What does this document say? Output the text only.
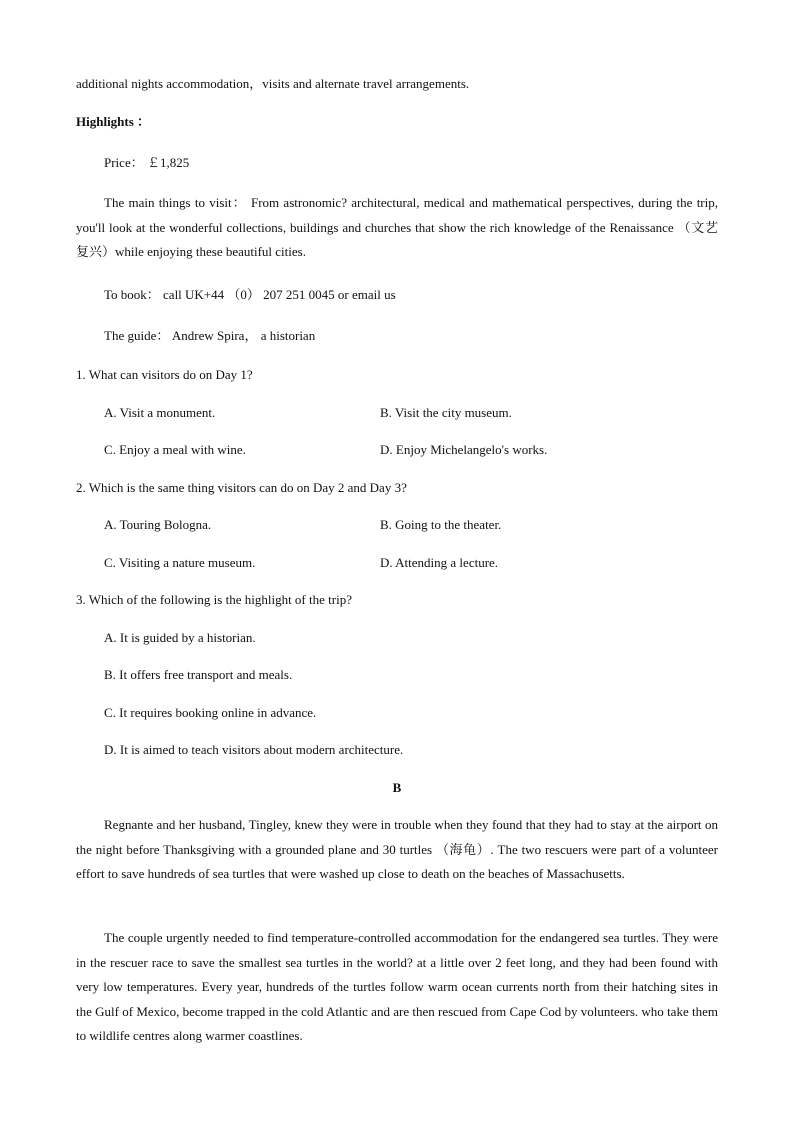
additional nights accommodation，visits and alternate travel arrangements.
Highlights ：
Price： ￡1,825
The main things to visit： From astronomic? architectural, medical and mathematical perspectives, during the trip, you'll look at the wonderful collections, buildings and churches that show the rich knowledge of the Renaissance （文艺复兴）while enjoying these beautiful cities.
To book： call UK+44 （0） 207 251 0045 or email us
The guide： Andrew Spira， a historian
1. What can visitors do on Day 1?
A. Visit a monument.	B. Visit the city museum.
C. Enjoy a meal with wine.	D. Enjoy Michelangelo's works.
2. Which is the same thing visitors can do on Day 2 and Day 3?
A. Touring Bologna.	B. Going to the theater.
C. Visiting a nature museum.	D. Attending a lecture.
3. Which of the following is the highlight of the trip?
A. It is guided by a historian.
B. It offers free transport and meals.
C. It requires booking online in advance.
D. It is aimed to teach visitors about modern architecture.
B
Regnante and her husband, Tingley, knew they were in trouble when they found that they had to stay at the airport on the night before Thanksgiving with a grounded plane and 30 turtles （海龟）. The two rescuers were part of a volunteer effort to save hundreds of sea turtles that were washed up close to death on the beaches of Massachusetts.
The couple urgently needed to find temperature-controlled accommodation for the endangered sea turtles. They were in the rescuer race to save the smallest sea turtles in the world? at a little over 2 feet long, and they had been found with very low temperatures. Every year, hundreds of the turtles follow warm ocean currents north from their hatching sites in the Gulf of Mexico, become trapped in the cold Atlantic and are then rescued from Cape Cod by volunteers. who take them to wildlife centres along warmer coastlines.
